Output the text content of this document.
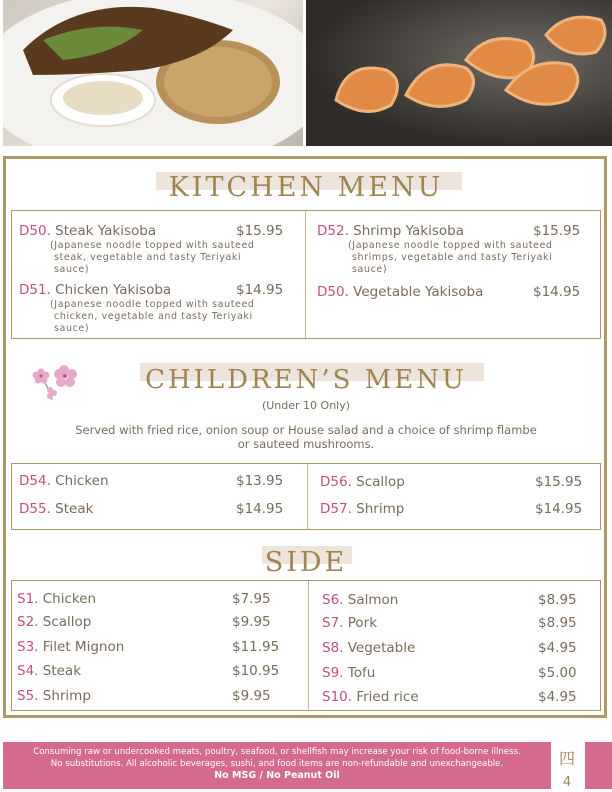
KITCHEN MENU
D50. Steak Yakisoba	$15.95
(Japanese noodle topped with sauteed
steak, vegetable and tasty Teriyaki
sauce)
D51. Chicken Yakisoba	$14.95
(Japanese noodle topped with sauteed
chicken, vegetable and tasty Teriyaki
sauce)
D52. Shrimp Yakisoba	$15.95
(Japanese noodle topped with sauteed
shrimps, vegetable and tasty Teriyaki
sauce)
D50. Vegetable Yakisoba	$14.95
CHILDREN’S MENU
(Under 10 Only)
Served with fried rice, onion soup or House salad and a choice of shrimp flambe
or sauteed mushrooms.
D54. Chicken	$13.95
D55. Steak	$14.95
D56. Scallop	$15.95
D57. Shrimp	$14.95
SIDE
S1. Chicken	$7.95
S2. Scallop	$9.95
S3. Filet Mignon	$11.95
S4. Steak	$10.95
S5. Shrimp	$9.95
S6. Salmon	$8.95
S7. Pork	$8.95
S8. Vegetable	$4.95
S9. Tofu	$5.00
S10. Fried rice	$4.95
Consuming raw or undercooked meats, poultry, seafood, or shellfish may increase your risk of food-borne illness.
No substitutions. All alcoholic beverages, sushi, and food items are non-refundable and unexchangeable.
No MSG / No Peanut Oil
四
4
